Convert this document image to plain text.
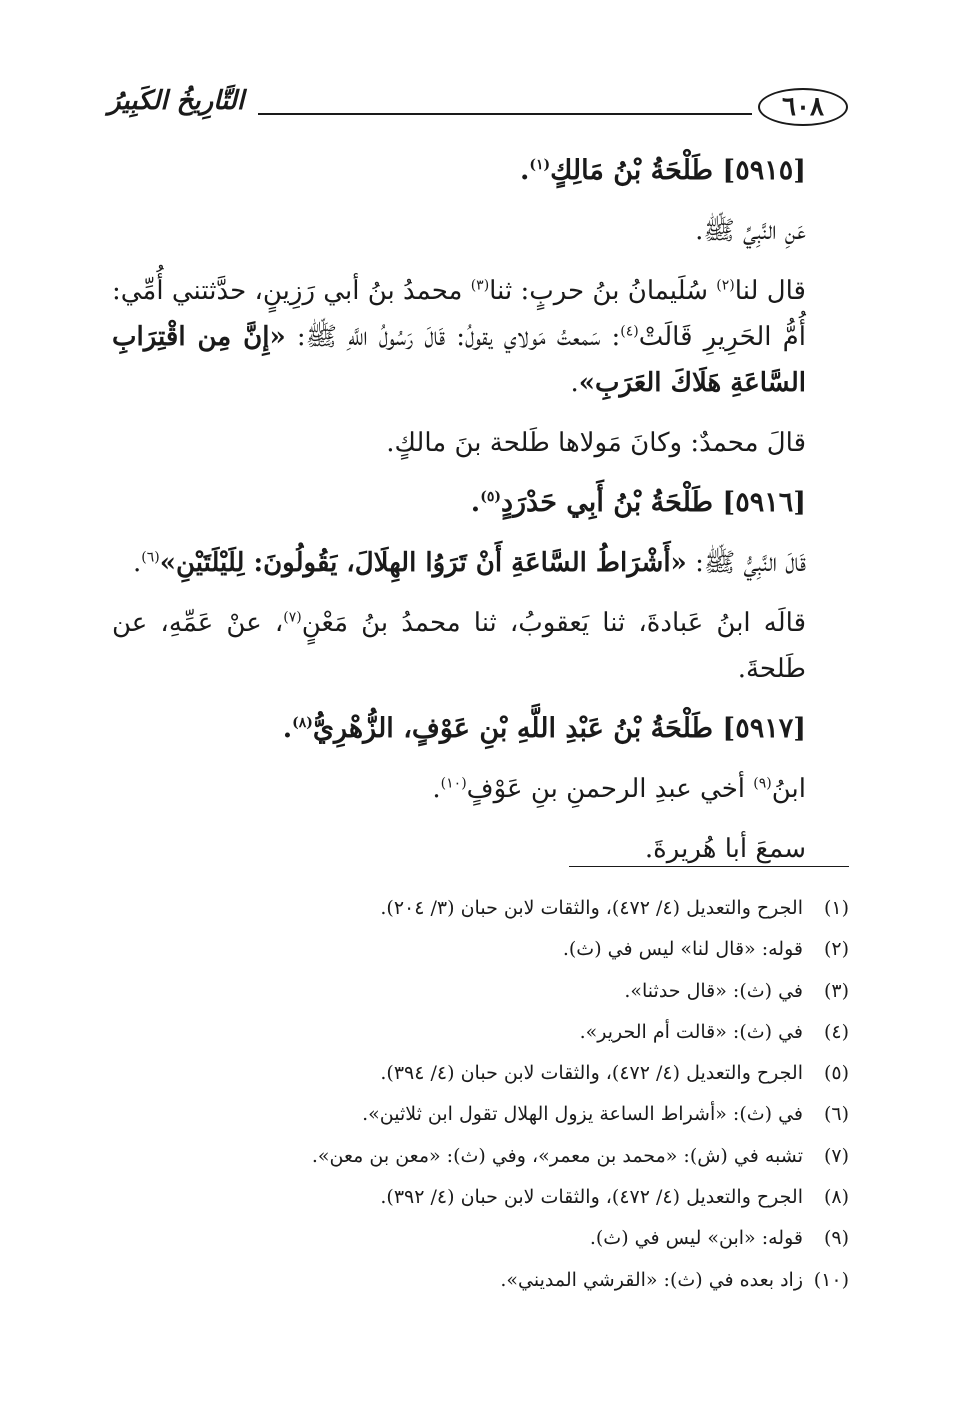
٦٠٨
التَّارِيخُ الكَبِيرُ

[٥٩١٥] طَلْحَةُ بْنُ مَالِكٍ$^{(١)}$.

عَنِ النَّبِيِّ ﷺ.

قال لنا$^{(٢)}$ سُلَيمانُ بنُ حربٍ: ثنا$^{(٣)}$ محمدُ بنُ أبي رَزِينٍ، حدَّثتني أُمِّي: أُمُّ الحَرِيرِ قَالَتْ$^{(٤)}$: سَمعتُ مَولاي يقولُ: قَالَ رَسُولُ اللَّهِ ﷺ: «إِنَّ مِن اقْتِرَابِ السَّاعَةِ هَلَاكَ العَرَبِ».

قالَ محمدٌ: وكانَ مَولاها طَلحة بنَ مالكٍ.

[٥٩١٦] طَلْحَةُ بْنُ أَبِي حَدْرَدٍ$^{(٥)}$.

قَالَ النَّبِيُّ ﷺ: «أَشْرَاطُ السَّاعَةِ أَنْ تَرَوُا الهِلَالَ، يَقُولُونَ: لِلَيْلَتَيْنِ»$^{(٦)}$.

قالَه ابنُ عَبادةَ، ثنا يَعقوبُ، ثنا محمدُ بنُ مَعْنٍ$^{(٧)}$، عنْ عَمِّهِ، عن طَلحةَ.

[٥٩١٧] طَلْحَةُ بْنُ عَبْدِ اللَّهِ بْنِ عَوْفٍ، الزُّهْرِيُّ$^{(٨)}$.

ابنُ$^{(٩)}$ أخي عبدِ الرحمنِ بنِ عَوْفٍ$^{(١٠)}$.

سمعَ أبا هُريرةَ.

(١)الجرح والتعديل (٤/ ٤٧٢)، والثقات لابن حبان (٣/ ٢٠٤).
(٢)قوله: «قال لنا» ليس في (ث).
(٣)في (ث): «قال حدثنا».
(٤)في (ث): «قالت أم الحرير».
(٥)الجرح والتعديل (٤/ ٤٧٢)، والثقات لابن حبان (٤/ ٣٩٤).
(٦)في (ث): «أشراط الساعة يزول الهلال تقول ابن ثلاثين».
(٧)تشبه في (ش): «محمد بن معمر»، وفي (ث): «معن بن معن».
(٨)الجرح والتعديل (٤/ ٤٧٢)، والثقات لابن حبان (٤/ ٣٩٢).
(٩)قوله: «ابن» ليس في (ث).
(١٠)زاد بعده في (ث): «القرشي المديني».
